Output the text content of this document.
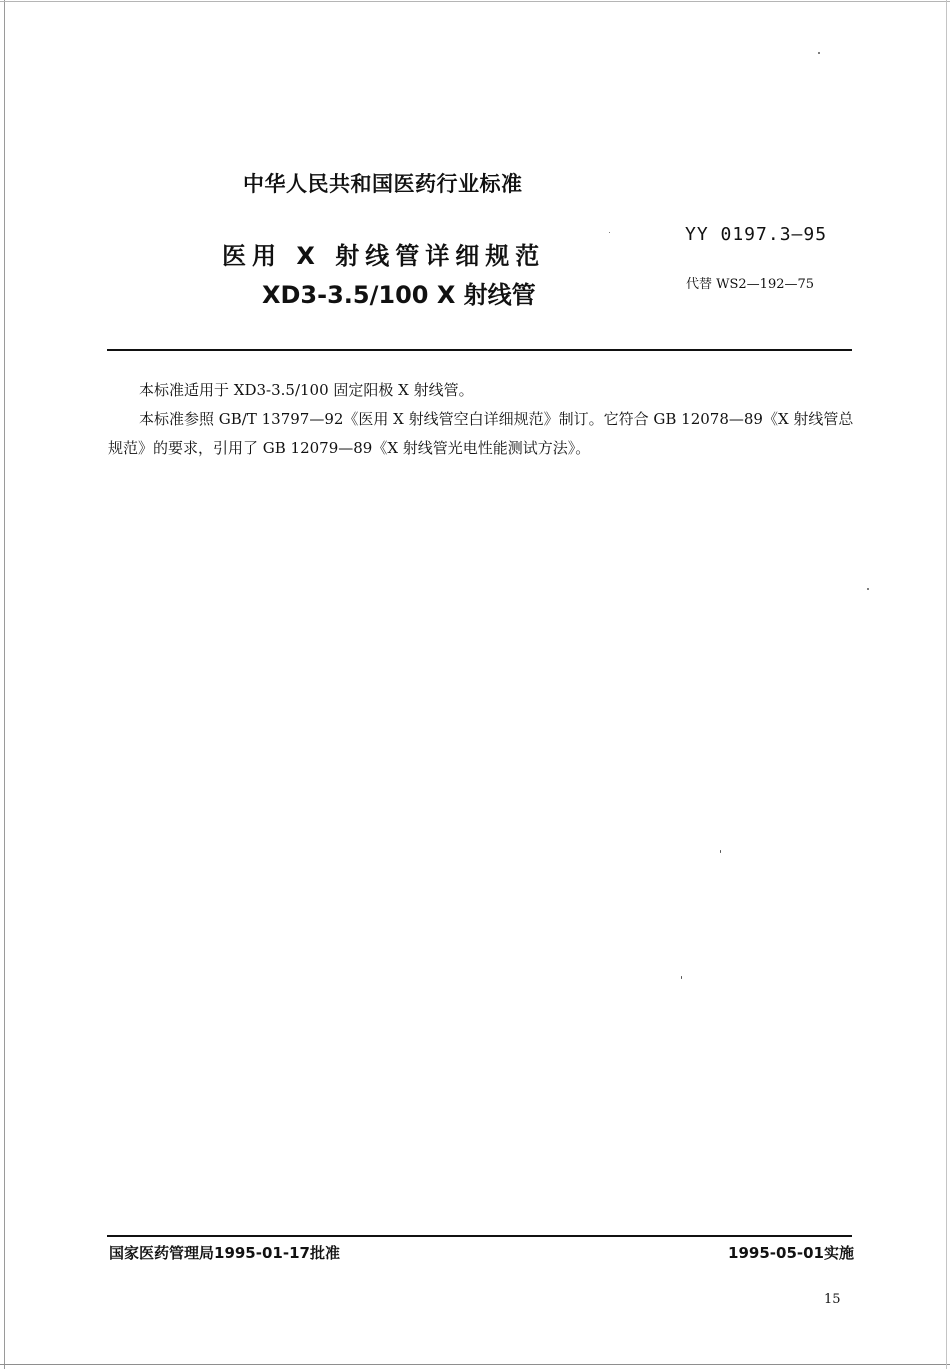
中华人民共和国医药行业标准
医用 X 射线管详细规范
XD3-3.5/100 X 射线管
YY 0197.3—95
代替 WS2—192—75

本标准适用于 XD3-3.5/100 固定阳极 X 射线管。

本标准参照 GB/T 13797—92《医用 X 射线管空白详细规范》制订。它符合 GB 12078—89《X 射线管总规范》的要求，引用了 GB 12079—89《X 射线管光电性能测试方法》。

国家医药管理局1995-01-17批准	1995-05-01实施
15
